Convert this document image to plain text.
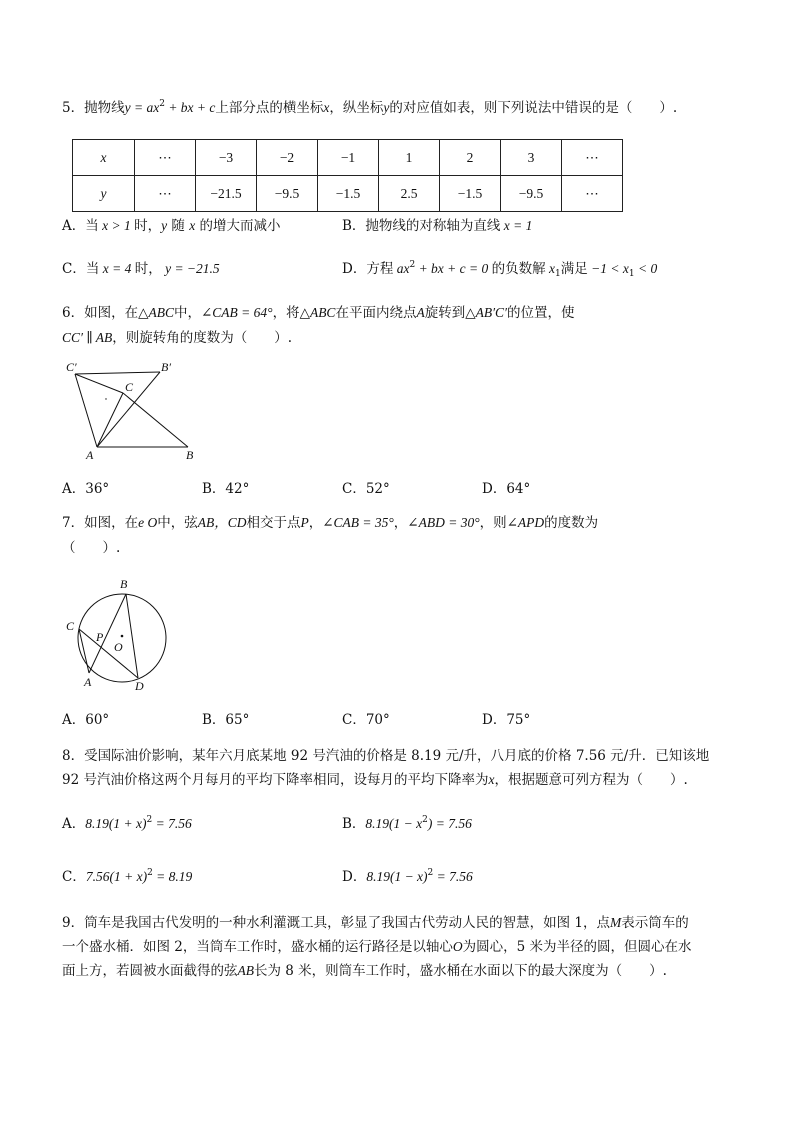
5．抛物线$y = ax^2$ + bx + c上部分点的横坐标x，纵坐标y的对应值如表，则下列说法中错误的是（　　）.
x	⋯	−3	−2	−1	1	2	3	⋯
y	⋯	−21.5	−9.5	−1.5	2.5	−1.5	−9.5	⋯
A．当 x > 1 时，y 随 x 的增大而减小	B．抛物线的对称轴为直线 x = 1
C．当 x = 4 时， y = −21.5	D．方程 $ax^2$ + bx + c = 0 的负数解 $x_1$满足 $-1 < x_1 < 0$
6．如图，在△ABC中，∠CAB = 64°，将△ABC在平面内绕点A旋转到△AB′C′的位置，使
CC′ ∥ AB，则旋转角的度数为（　　）.
C′	B′
C
A	B
A．36°	B．42°	C．52°	D．64°
7．如图，在e O中，弦AB，CD相交于点P，∠CAB = 35°，∠ABD = 30°，则∠APD的度数为
（　　）.
B
C
P
O
A	D
A．60°	B．65°	C．70°	D．75°
8．受国际油价影响，某年六月底某地 92 号汽油的价格是 8.19 元/升，八月底的价格 7.56 元/升．已知该地
92 号汽油价格这两个月每月的平均下降率相同，设每月的平均下降率为x，根据题意可列方程为（　　）.
A．$8.19(1 + x)^2 = 7.56$	B．$8.19(1 - x^2) = 7.56$
C．$7.56(1 + x)^2 = 8.19$	D．$8.19(1 - x)^2 = 7.56$
9．筒车是我国古代发明的一种水利灌溉工具，彰显了我国古代劳动人民的智慧，如图 1，点M表示筒车的
一个盛水桶．如图 2，当筒车工作时，盛水桶的运行路径是以轴心O为圆心，5 米为半径的圆，但圆心在水
面上方，若圆被水面截得的弦AB长为 8 米，则筒车工作时，盛水桶在水面以下的最大深度为（　　）.
